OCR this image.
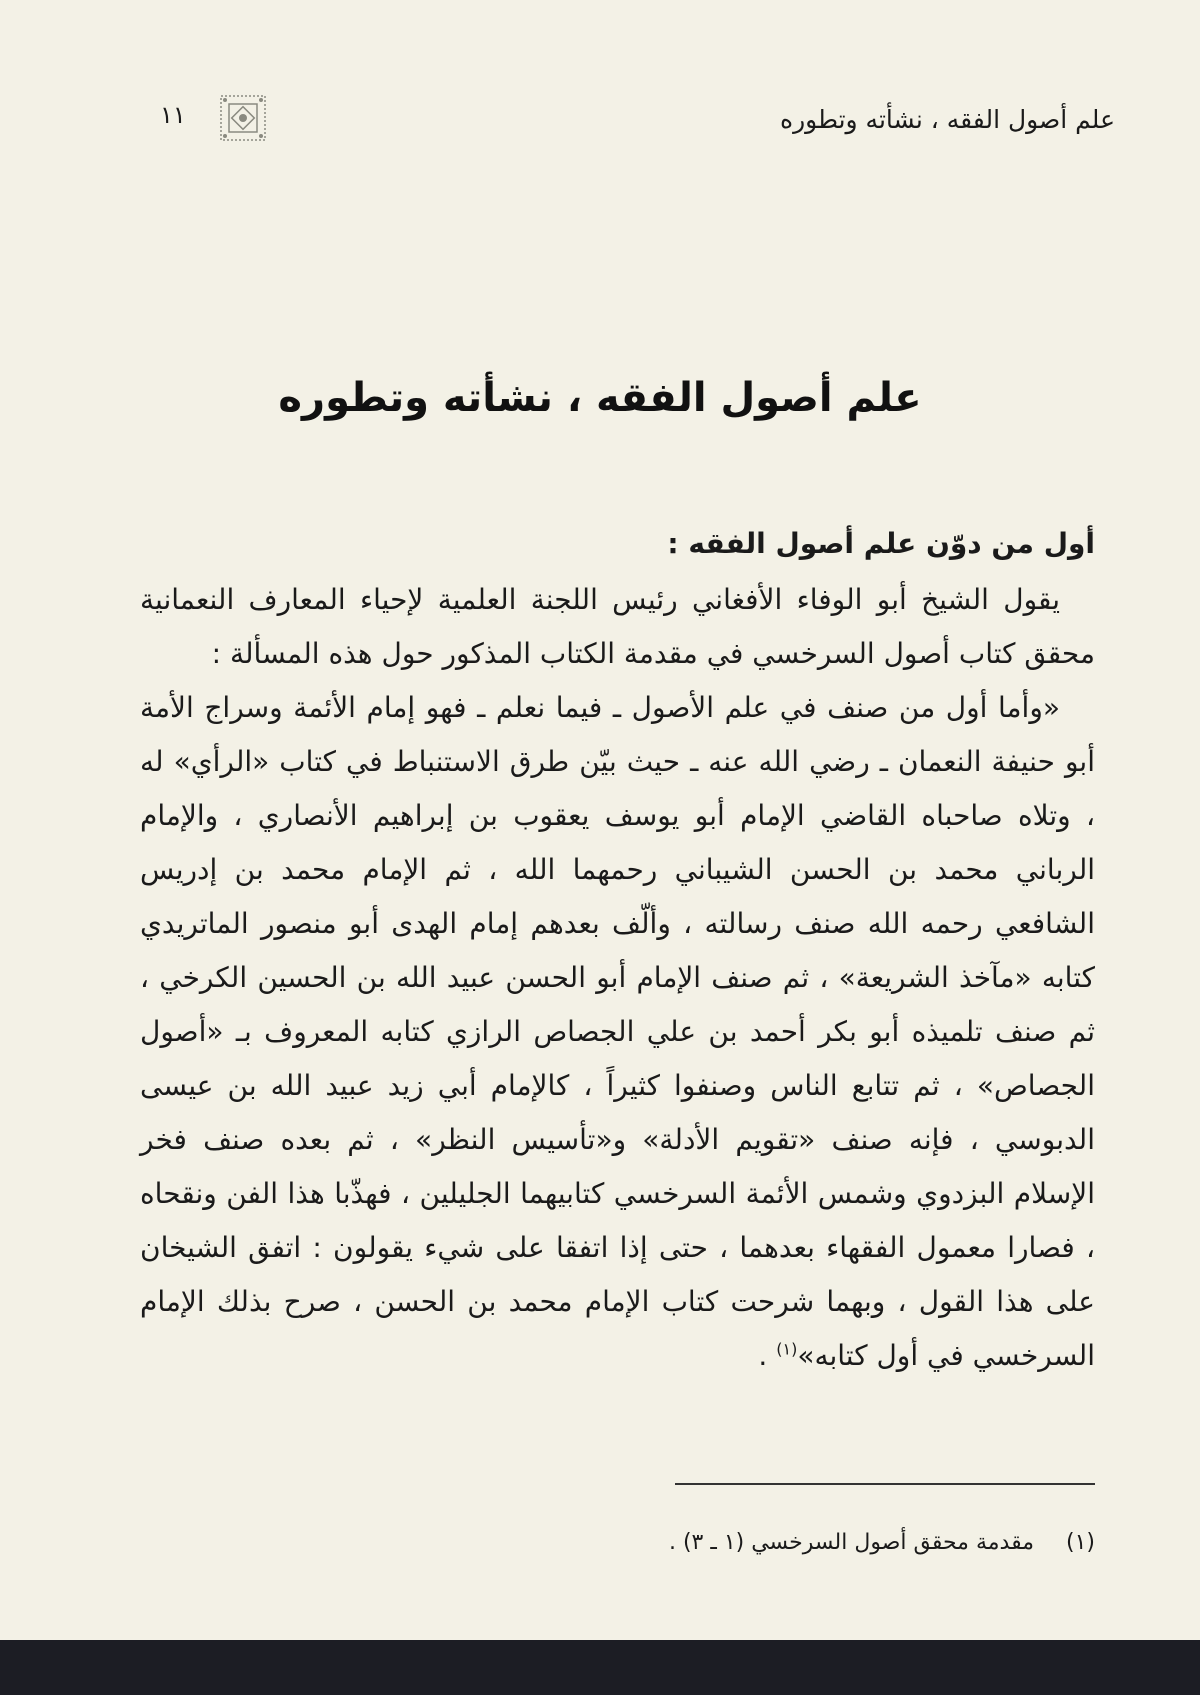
علم أصول الفقه ، نشأته وتطوره
١١
علم أصول الفقه ، نشأته وتطوره

أول من دوّن علم أصول الفقه :

يقول الشيخ أبو الوفاء الأفغاني رئيس اللجنة العلمية لإحياء المعارف النعمانية محقق كتاب أصول السرخسي في مقدمة الكتاب المذكور حول هذه المسألة :

«وأما أول من صنف في علم الأصول ـ فيما نعلم ـ فهو إمام الأئمة وسراج الأمة أبو حنيفة النعمان ـ رضي الله عنه ـ حيث بيّن طرق الاستنباط في كتاب «الرأي» له ، وتلاه صاحباه القاضي الإمام أبو يوسف يعقوب بن إبراهيم الأنصاري ، والإمام الرباني محمد بن الحسن الشيباني رحمهما الله ، ثم الإمام محمد بن إدريس الشافعي رحمه الله صنف رسالته ، وألّف بعدهم إمام الهدى أبو منصور الماتريدي كتابه «مآخذ الشريعة» ، ثم صنف الإمام أبو الحسن عبيد الله بن الحسين الكرخي ، ثم صنف تلميذه أبو بكر أحمد بن علي الجصاص الرازي كتابه المعروف بـ «أصول الجصاص» ، ثم تتابع الناس وصنفوا كثيراً ، كالإمام أبي زيد عبيد الله بن عيسى الدبوسي ، فإنه صنف «تقويم الأدلة» و«تأسيس النظر» ، ثم بعده صنف فخر الإسلام البزدوي وشمس الأئمة السرخسي كتابيهما الجليلين ، فهذّبا هذا الفن ونقحاه ، فصارا معمول الفقهاء بعدهما ، حتى إذا اتفقا على شيء يقولون : اتفق الشيخان على هذا القول ، وبهما شرحت كتاب الإمام محمد بن الحسن ، صرح بذلك الإمام السرخسي في أول كتابه»$^{(١)}$ .

(١) مقدمة محقق أصول السرخسي (١ ـ ٣) .
